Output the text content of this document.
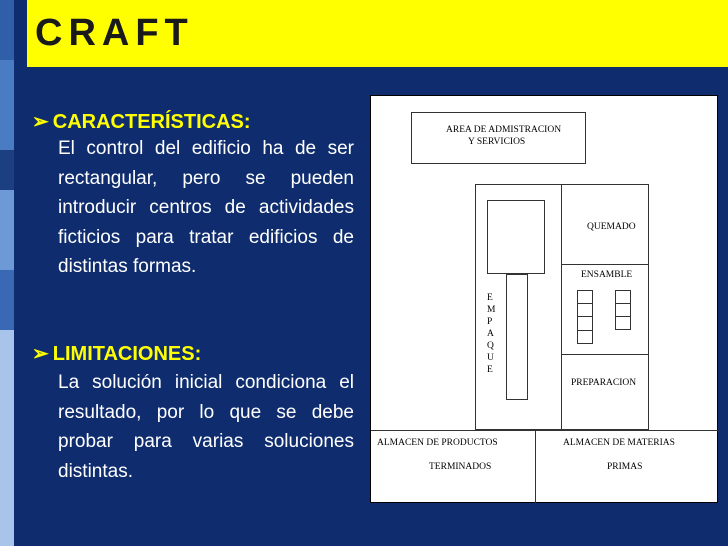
CRAFT
➢ CARACTERÍSTICAS:
El control del edificio ha de ser rectangular, pero se pueden introducir centros de actividades ficticios para tratar edificios de distintas formas.
➢ LIMITACIONES:
La solución inicial condiciona el resultado, por lo que se debe probar para varias soluciones distintas.
AREA DE ADMISTRACION
Y SERVICIOS
E
M
P
A
Q
U
E
QUEMADO
ENSAMBLE
PREPARACION
ALMACEN DE PRODUCTOS
TERMINADOS
ALMACEN DE MATERIAS
PRIMAS
